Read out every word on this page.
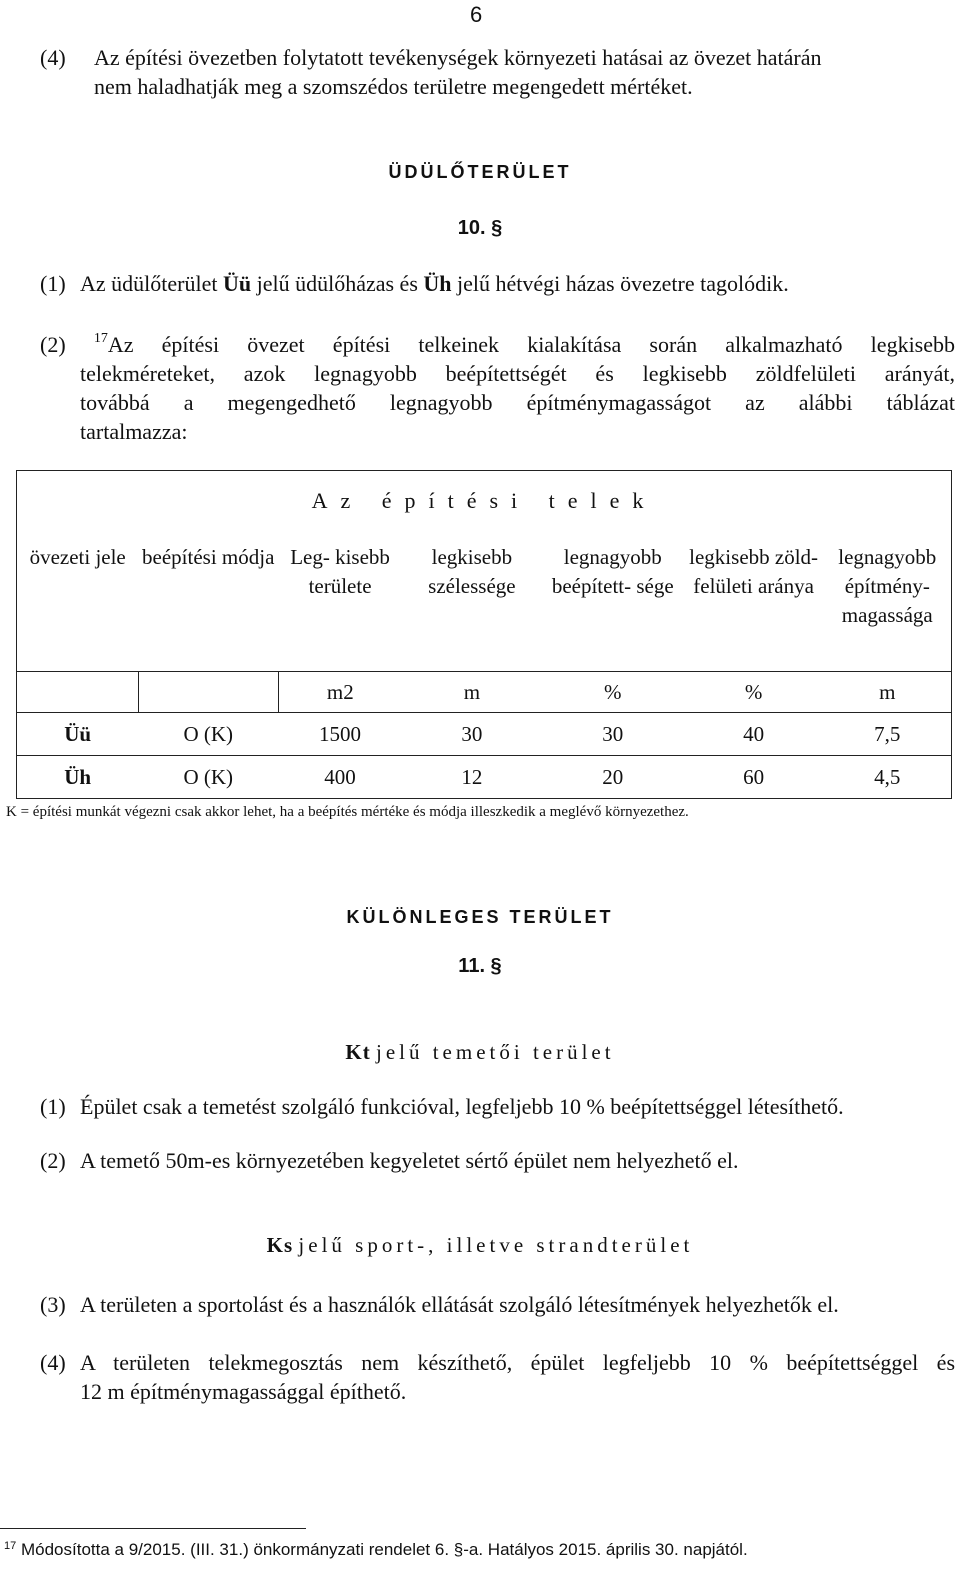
6
(4) Az építési övezetben folytatott tevékenységek környezeti hatásai az övezet határán
nem haladhatják meg a szomszédos területre megengedett mértéket.
ÜDÜLŐTERÜLET
10. §
(1) Az üdülőterület Üü jelű üdülőházas és Üh jelű hétvégi házas övezetre tagolódik.
(2) $^{17}$Az építési övezet építési telkeinek kialakítása során alkalmazható legkisebb
telekméreteket, azok legnagyobb beépítettségét és legkisebb zöldfelületi arányát,
továbbá a megengedhető legnagyobb építménymagasságot az alábbi táblázat
tartalmazza:
Az építési telek						
övezeti jele	beépítési módja	Leg- kisebb területe	legkisebb szélessége	legnagyobb beépített- sége	legkisebb zöld- felületi aránya	legnagyobb építmény- magassága
		m2	m	%	%	m
Üü	O (K)	1500	30	30	40	7,5
Üh	O (K)	400	12	20	60	4,5
K = építési munkát végezni csak akkor lehet, ha a beépítés mértéke és módja illeszkedik a meglévő környezethez.
KÜLÖNLEGES TERÜLET
11. §
Kt jelű temetői terület
(1) Épület csak a temetést szolgáló funkcióval, legfeljebb 10 % beépítettséggel létesíthető.
(2) A temető 50m-es környezetében kegyeletet sértő épület nem helyezhető el.
Ks jelű sport-, illetve strandterület
(3) A területen a sportolást és a használók ellátását szolgáló létesítmények helyezhetők el.
(4) A területen telekmegosztás nem készíthető, épület legfeljebb 10 % beépítettséggel és
12 m építménymagassággal építhető.
$^{17}$ Módosította a 9/2015. (III. 31.) önkormányzati rendelet 6. §-a. Hatályos 2015. április 30. napjától.
